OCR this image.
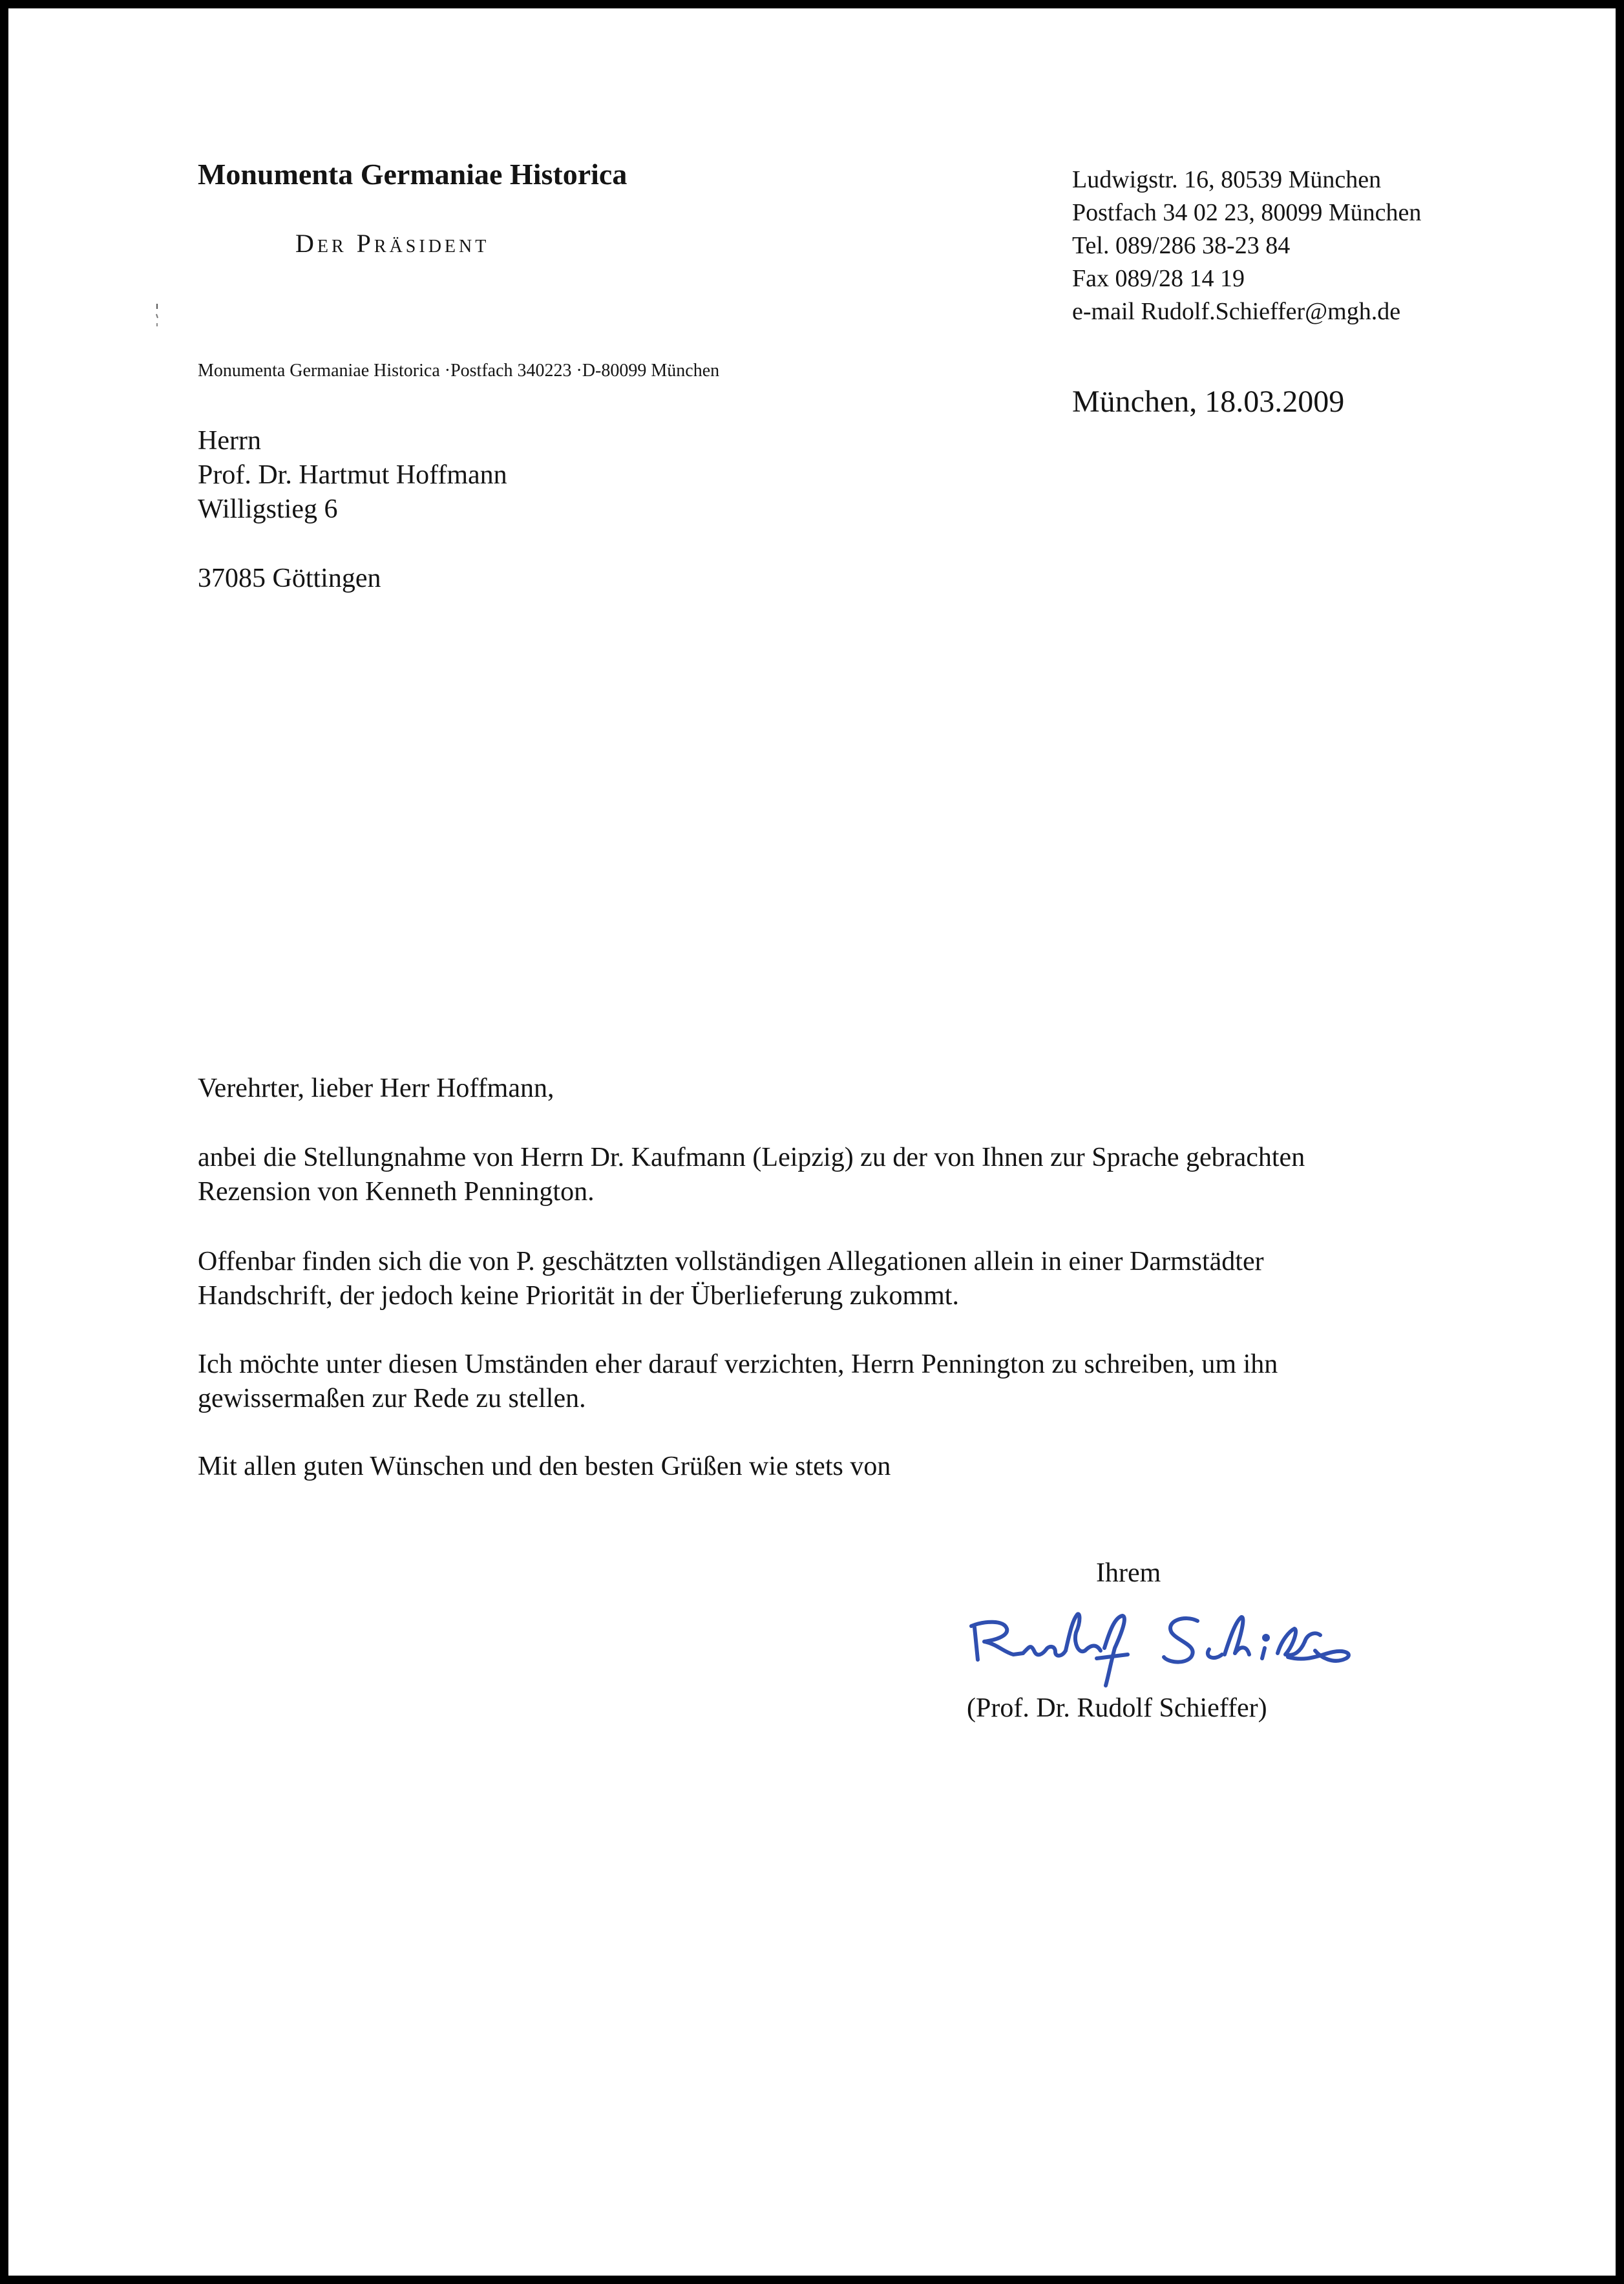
Monumenta Germaniae Historica
Der Präsident
Ludwigstr. 16, 80539 München
Postfach 34 02 23, 80099 München
Tel. 089/286 38-23 84
Fax 089/28 14 19
e-mail Rudolf.Schieffer@mgh.de
Monumenta Germaniae Historica ·Postfach 340223 ·D-80099 München
München, 18.03.2009
Herrn
Prof. Dr. Hartmut Hoffmann
Willigstieg 6
37085 Göttingen
Verehrter, lieber Herr Hoffmann,
anbei die Stellungnahme von Herrn Dr. Kaufmann (Leipzig) zu der von Ihnen zur Sprache gebrachten
Rezension von Kenneth Pennington.
Offenbar finden sich die von P. geschätzten vollständigen Allegationen allein in einer Darmstädter
Handschrift, der jedoch keine Priorität in der Überlieferung zukommt.
Ich möchte unter diesen Umständen eher darauf verzichten, Herrn Pennington zu schreiben, um ihn
gewissermaßen zur Rede zu stellen.
Mit allen guten Wünschen und den besten Grüßen wie stets von
Ihrem
(Prof. Dr. Rudolf Schieffer)
